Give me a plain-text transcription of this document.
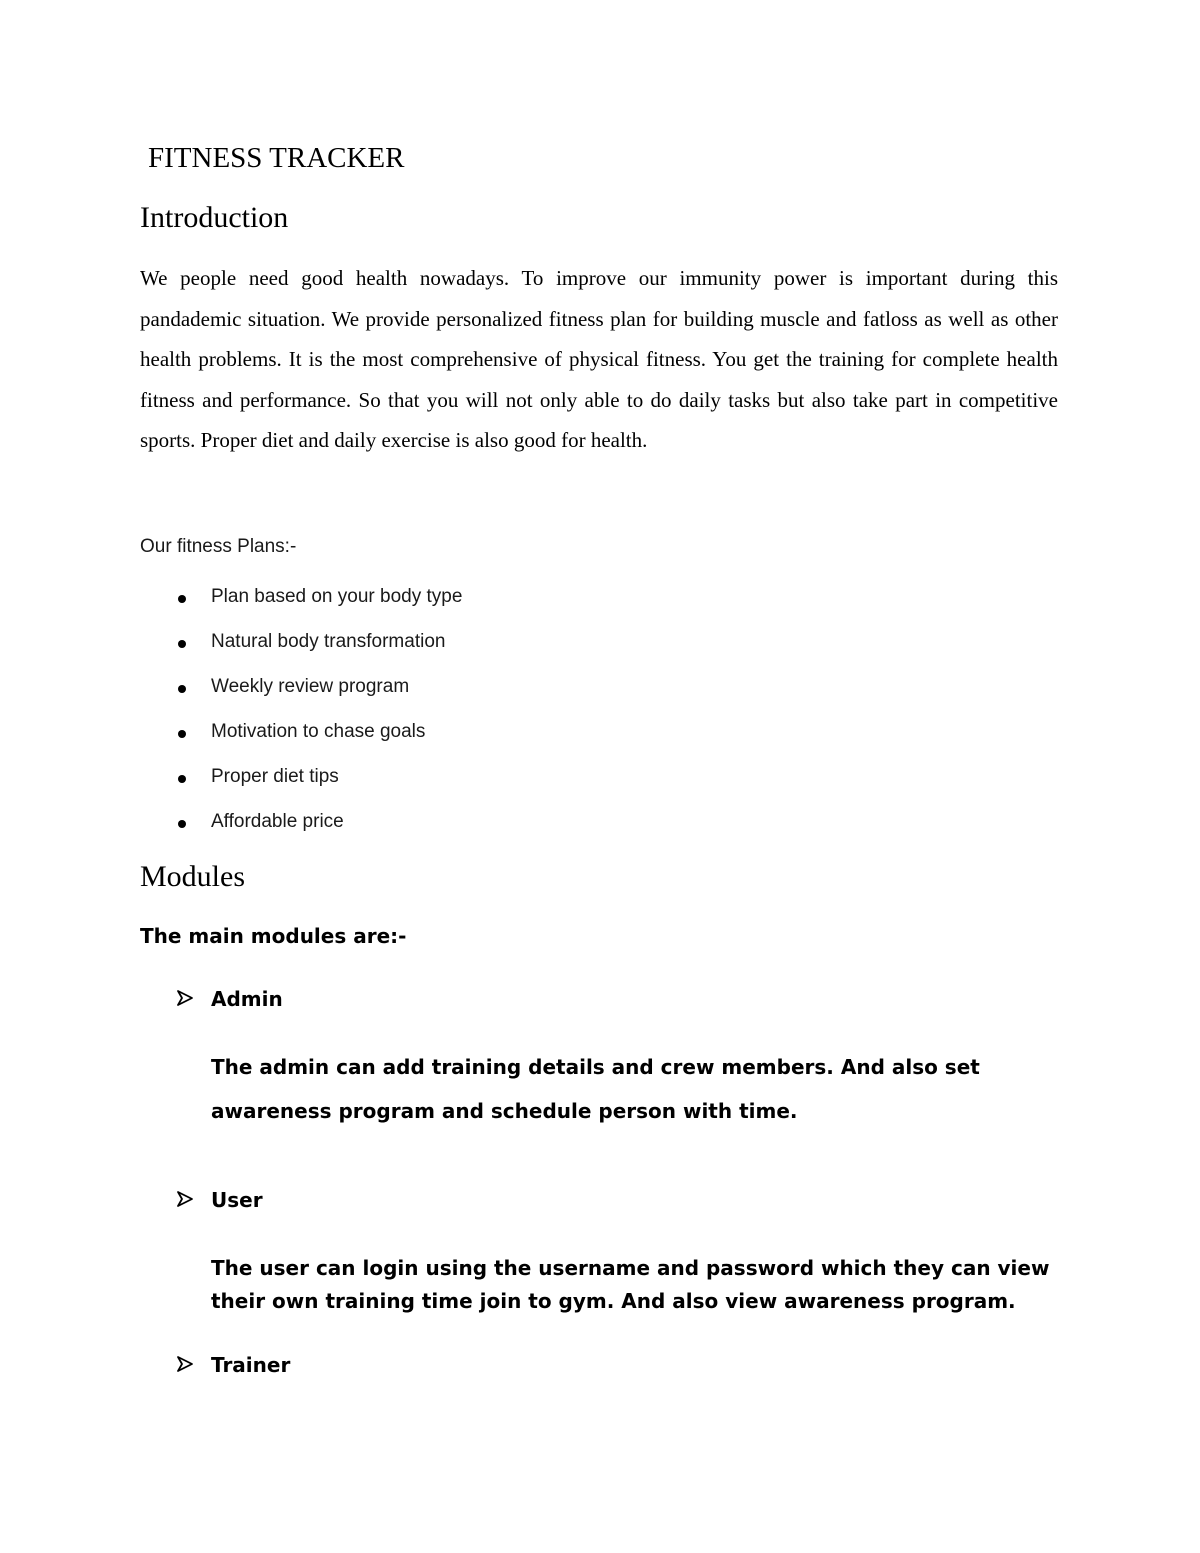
FITNESS TRACKER
Introduction

We people need good health nowadays. To improve our immunity power is important during this pandademic situation. We provide personalized fitness plan for building muscle and fatloss as well as other health problems. It is the most comprehensive of physical fitness. You get the training for complete health fitness and performance. So that you will not only able to do daily tasks but also take part in competitive sports. Proper diet and daily exercise is also good for health.

Our fitness Plans:-
Plan based on your body type
Natural body transformation
Weekly review program
Motivation to chase goals
Proper diet tips
Affordable price
Modules
The main modules are:-
Admin

The admin can add training details and crew members. And also set awareness program and schedule person with time.

User

The user can login using the username and password which they can view their own training time join to gym. And also view awareness program.

Trainer
